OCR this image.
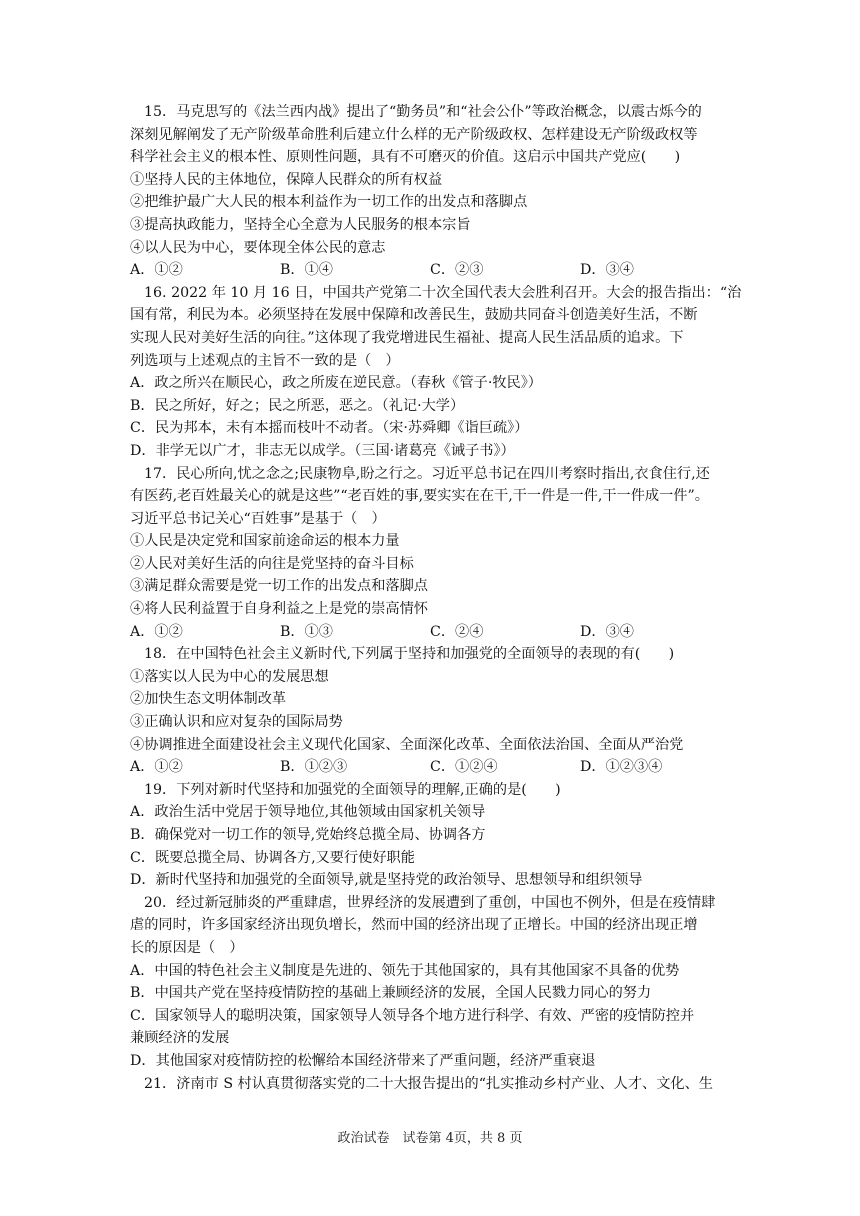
15．马克思写的《法兰西内战》提出了“勤务员”和“社会公仆”等政治概念，以震古烁今的
深刻见解阐发了无产阶级革命胜利后建立什么样的无产阶级政权、怎样建设无产阶级政权等
科学社会主义的根本性、原则性问题，具有不可磨灭的价值。这启示中国共产党应(　　)
①坚持人民的主体地位，保障人民群众的所有权益
②把维护最广大人民的根本利益作为一切工作的出发点和落脚点
③提高执政能力，坚持全心全意为人民服务的根本宗旨
④以人民为中心，要体现全体公民的意志
A．①②	B．①④	C．②③	D．③④
16. 2022 年 10 月 16 日，中国共产党第二十次全国代表大会胜利召开。大会的报告指出：“治
国有常，利民为本。必须坚持在发展中保障和改善民生，鼓励共同奋斗创造美好生活，不断
实现人民对美好生活的向往。”这体现了我党增进民生福祉、提高人民生活品质的追求。下
列选项与上述观点的主旨不一致的是（　）
A．政之所兴在顺民心，政之所废在逆民意。（春秋《管子·牧民》）
B．民之所好，好之；民之所恶，恶之。（礼记·大学）
C．民为邦本，未有本摇而枝叶不动者。（宋·苏舜卿《诣巨疏》）
D．非学无以广才，非志无以成学。（三国·诸葛亮《诫子书》）
17．民心所向,忧之念之;民康物阜,盼之行之。习近平总书记在四川考察时指出,衣食住行,还
有医药,老百姓最关心的就是这些”“老百姓的事,要实实在在干,干一件是一件,干一件成一件”。
习近平总书记关心“百姓事”是基于（　）
①人民是决定党和国家前途命运的根本力量
②人民对美好生活的向往是党坚持的奋斗目标
③满足群众需要是党一切工作的出发点和落脚点
④将人民利益置于自身利益之上是党的崇高情怀
A．①②	B．①③	C．②④	D．③④
18．在中国特色社会主义新时代,下列属于坚持和加强党的全面领导的表现的有(　　)
①落实以人民为中心的发展思想
②加快生态文明体制改革
③正确认识和应对复杂的国际局势
④协调推进全面建设社会主义现代化国家、全面深化改革、全面依法治国、全面从严治党
A．①②	B．①②③	C．①②④	D．①②③④
19．下列对新时代坚持和加强党的全面领导的理解,正确的是(　　)
A．政治生活中党居于领导地位,其他领域由国家机关领导
B．确保党对一切工作的领导,党始终总揽全局、协调各方
C．既要总揽全局、协调各方,又要行使好职能
D．新时代坚持和加强党的全面领导,就是坚持党的政治领导、思想领导和组织领导
20．经过新冠肺炎的严重肆虐，世界经济的发展遭到了重创，中国也不例外，但是在疫情肆
虐的同时，许多国家经济出现负增长，然而中国的经济出现了正增长。中国的经济出现正增
长的原因是（　）
A．中国的特色社会主义制度是先进的、领先于其他国家的，具有其他国家不具备的优势
B．中国共产党在坚持疫情防控的基础上兼顾经济的发展，全国人民戮力同心的努力
C．国家领导人的聪明决策，国家领导人领导各个地方进行科学、有效、严密的疫情防控并
兼顾经济的发展
D．其他国家对疫情防控的松懈给本国经济带来了严重问题，经济严重衰退
21．济南市 S 村认真贯彻落实党的二十大报告提出的“扎实推动乡村产业、人才、文化、生
政治试卷　试卷第 4页，共 8 页
